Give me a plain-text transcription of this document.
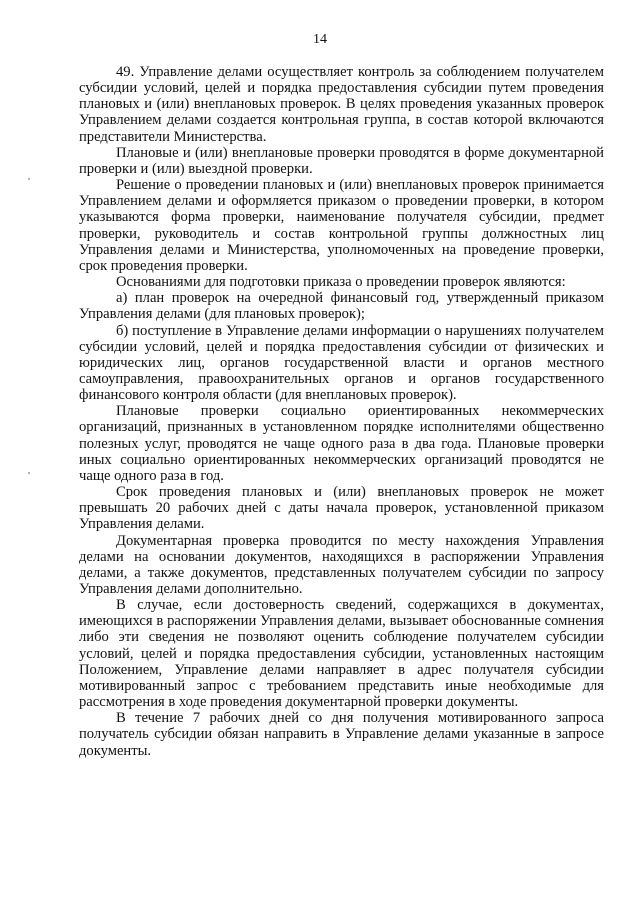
14

49. Управление делами осуществляет контроль за соблюдением получателем субсидии условий, целей и порядка предоставления субсидии путем проведения плановых и (или) внеплановых проверок. В целях проведения указанных проверок Управлением делами создается контрольная группа, в состав которой включаются представители Министерства.

Плановые и (или) внеплановые проверки проводятся в форме документарной проверки и (или) выездной проверки.

Решение о проведении плановых и (или) внеплановых проверок принимается Управлением делами и оформляется приказом о проведении проверки, в котором указываются форма проверки, наименование получателя субсидии, предмет проверки, руководитель и состав контрольной группы должностных лиц Управления делами и Министерства, уполномоченных на проведение проверки, срок проведения проверки.

Основаниями для подготовки приказа о проведении проверок являются:

а) план проверок на очередной финансовый год, утвержденный приказом Управления делами (для плановых проверок);

б) поступление в Управление делами информации о нарушениях получателем субсидии условий, целей и порядка предоставления субсидии от физических и юридических лиц, органов государственной власти и органов местного самоуправления, правоохранительных органов и органов государственного финансового контроля области (для внеплановых проверок).

Плановые проверки социально ориентированных некоммерческих организаций, признанных в установленном порядке исполнителями общественно полезных услуг, проводятся не чаще одного раза в два года. Плановые проверки иных социально ориентированных некоммерческих организаций проводятся не чаще одного раза в год.

Срок проведения плановых и (или) внеплановых проверок не может превышать 20 рабочих дней с даты начала проверок, установленной приказом Управления делами.

Документарная проверка проводится по месту нахождения Управления делами на основании документов, находящихся в распоряжении Управления делами, а также документов, представленных получателем субсидии по запросу Управления делами дополнительно.

В случае, если достоверность сведений, содержащихся в документах, имеющихся в распоряжении Управления делами, вызывает обоснованные сомнения либо эти сведения не позволяют оценить соблюдение получателем субсидии условий, целей и порядка предоставления субсидии, установленных настоящим Положением, Управление делами направляет в адрес получателя субсидии мотивированный запрос с требованием представить иные необходимые для рассмотрения в ходе проведения документарной проверки документы.

В течение 7 рабочих дней со дня получения мотивированного запроса получатель субсидии обязан направить в Управление делами указанные в запросе документы.
